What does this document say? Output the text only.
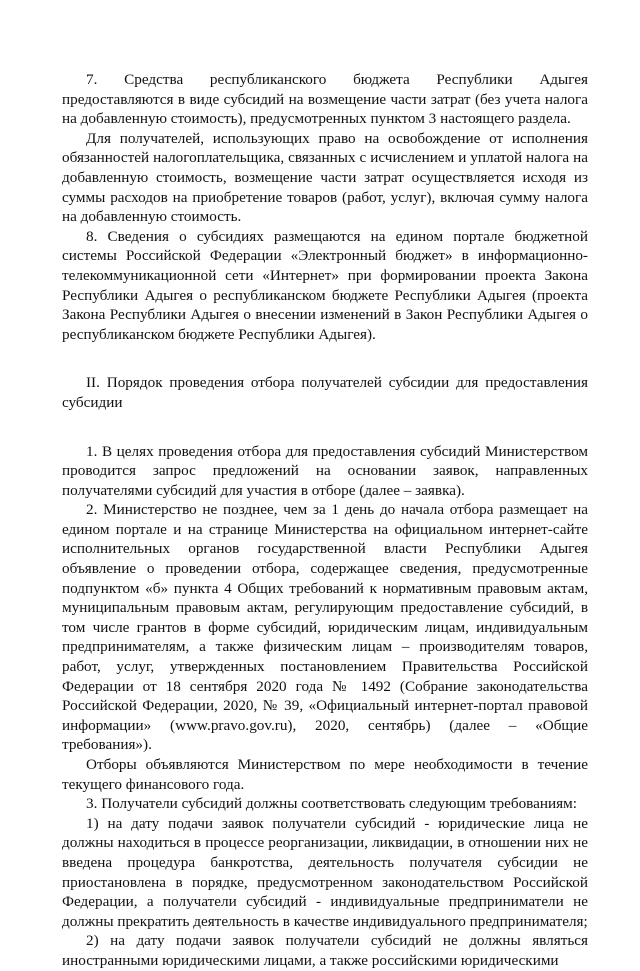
7. Средства республиканского бюджета Республики Адыгея предоставляются в виде субсидий на возмещение части затрат (без учета налога на добавленную стоимость), предусмотренных пунктом 3 настоящего раздела.

Для получателей, использующих право на освобождение от исполнения обязанностей налогоплательщика, связанных с исчислением и уплатой налога на добавленную стоимость, возмещение части затрат осуществляется исходя из суммы расходов на приобретение товаров (работ, услуг), включая сумму налога на добавленную стоимость.

8. Сведения о субсидиях размещаются на едином портале бюджетной системы Российской Федерации «Электронный бюджет» в информационно-телекоммуникационной сети «Интернет» при формировании проекта Закона Республики Адыгея о республиканском бюджете Республики Адыгея (проекта Закона Республики Адыгея о внесении изменений в Закон Республики Адыгея о республиканском бюджете Республики Адыгея).

II. Порядок проведения отбора получателей субсидии для предоставления субсидии

1. В целях проведения отбора для предоставления субсидий Министерством проводится запрос предложений на основании заявок, направленных получателями субсидий для участия в отборе (далее – заявка).

2. Министерство не позднее, чем за 1 день до начала отбора размещает на едином портале и на странице Министерства на официальном интернет-сайте исполнительных органов государственной власти Республики Адыгея объявление о проведении отбора, содержащее сведения, предусмотренные подпунктом «б» пункта 4 Общих требований к нормативным правовым актам, муниципальным правовым актам, регулирующим предоставление субсидий, в том числе грантов в форме субсидий, юридическим лицам, индивидуальным предпринимателям, а также физическим лицам – производителям товаров, работ, услуг, утвержденных постановлением Правительства Российской Федерации от 18 сентября 2020 года № 1492 (Собрание законодательства Российской Федерации, 2020, № 39, «Официальный интернет-портал правовой информации» (www.pravo.gov.ru), 2020, сентябрь) (далее – «Общие требования»).

Отборы объявляются Министерством по мере необходимости в течение текущего финансового года.

3. Получатели субсидий должны соответствовать следующим требованиям:

1) на дату подачи заявок получатели субсидий - юридические лица не должны находиться в процессе реорганизации, ликвидации, в отношении них не введена процедура банкротства, деятельность получателя субсидии не приостановлена в порядке, предусмотренном законодательством Российской Федерации, а получатели субсидий - индивидуальные предприниматели не должны прекратить деятельность в качестве индивидуального предпринимателя;

2) на дату подачи заявок получатели субсидий не должны являться иностранными юридическими лицами, а также российскими юридическими
